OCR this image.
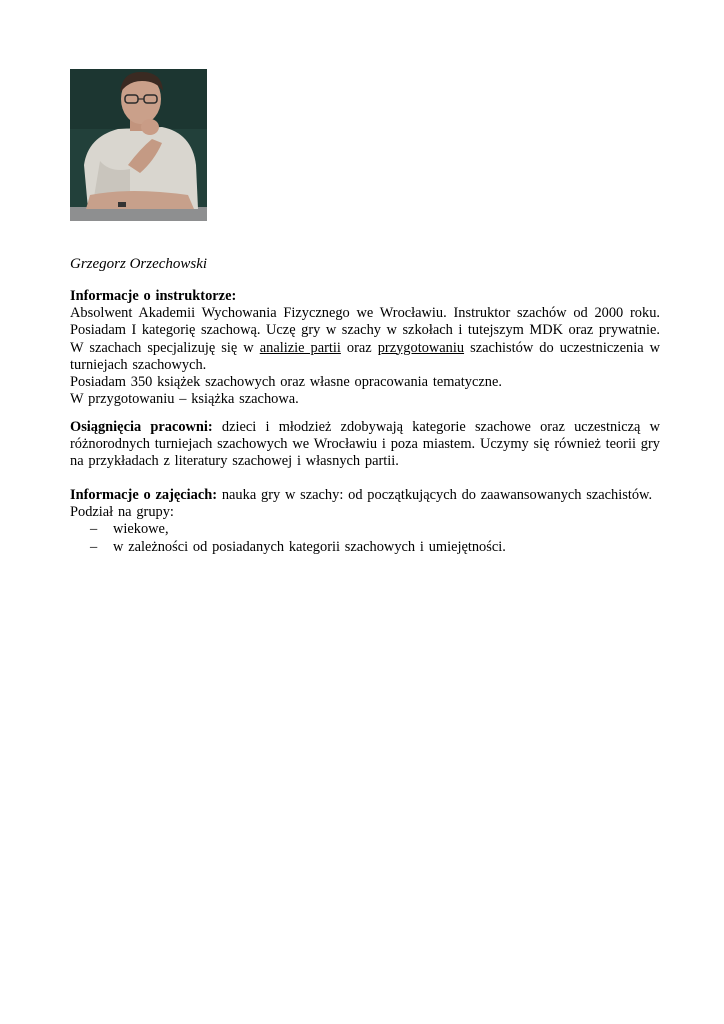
Grzegorz Orzechowski
Informacje o instruktorze:
Absolwent Akademii Wychowania Fizycznego we Wrocławiu. Instruktor szachów od 2000 roku.
Posiadam I kategorię szachową. Uczę gry w szachy w szkołach i tutejszym MDK oraz prywatnie.
W szachach specjalizuję się w analizie partii oraz przygotowaniu szachistów do uczestniczenia w
turniejach szachowych.
Posiadam 350 książek szachowych oraz własne opracowania tematyczne.
W przygotowaniu – książka szachowa.
Osiągnięcia pracowni: dzieci i młodzież zdobywają kategorie szachowe oraz uczestniczą w
różnorodnych turniejach szachowych we Wrocławiu i poza miastem. Uczymy się również teorii gry
na przykładach z literatury szachowej i własnych partii.
Informacje o zajęciach: nauka gry w szachy: od początkujących do zaawansowanych szachistów.
Podział na grupy:
– wiekowe,
– w zależności od posiadanych kategorii szachowych i umiejętności.
